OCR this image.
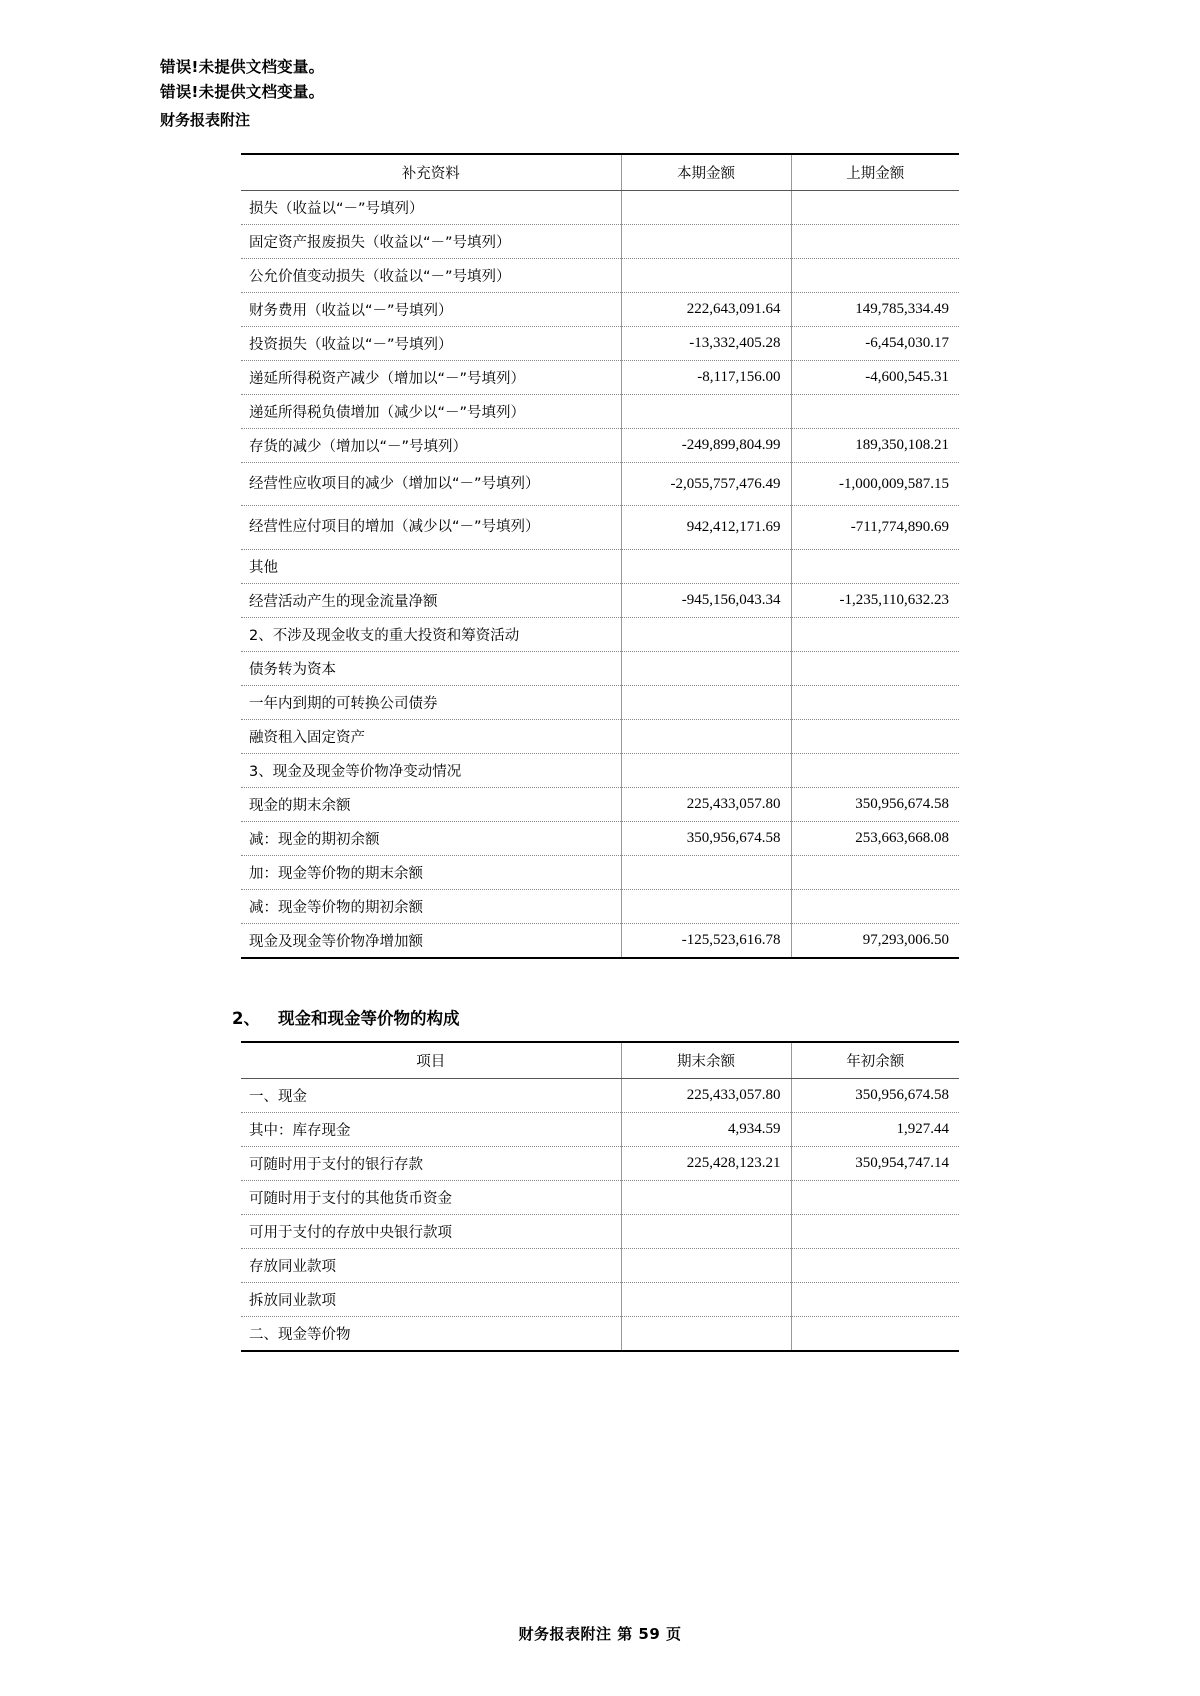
错误!未提供文档变量。
错误!未提供文档变量。
财务报表附注
补充资料	本期金额	上期金额
损失（收益以“－”号填列）		
固定资产报废损失（收益以“－”号填列）		
公允价值变动损失（收益以“－”号填列）		
财务费用（收益以“－”号填列）	222,643,091.64	149,785,334.49
投资损失（收益以“－”号填列）	-13,332,405.28	-6,454,030.17
递延所得税资产减少（增加以“－”号填列）	-8,117,156.00	-4,600,545.31
递延所得税负债增加（减少以“－”号填列）		
存货的减少（增加以“－”号填列）	-249,899,804.99	189,350,108.21
经营性应收项目的减少（增加以“－”号填列）	-2,055,757,476.49	-1,000,009,587.15
经营性应付项目的增加（减少以“－”号填列）	942,412,171.69	-711,774,890.69
其他		
经营活动产生的现金流量净额	-945,156,043.34	-1,235,110,632.23
2、不涉及现金收支的重大投资和筹资活动		
债务转为资本		
一年内到期的可转换公司债券		
融资租入固定资产		
3、现金及现金等价物净变动情况		
现金的期末余额	225,433,057.80	350,956,674.58
减：现金的期初余额	350,956,674.58	253,663,668.08
加：现金等价物的期末余额		
减：现金等价物的期初余额		
现金及现金等价物净增加额	-125,523,616.78	97,293,006.50
2、	现金和现金等价物的构成
项目	期末余额	年初余额
一、现金	225,433,057.80	350,956,674.58
其中：库存现金	4,934.59	1,927.44
可随时用于支付的银行存款	225,428,123.21	350,954,747.14
可随时用于支付的其他货币资金		
可用于支付的存放中央银行款项		
存放同业款项		
拆放同业款项		
二、现金等价物		
财务报表附注 第 59 页
